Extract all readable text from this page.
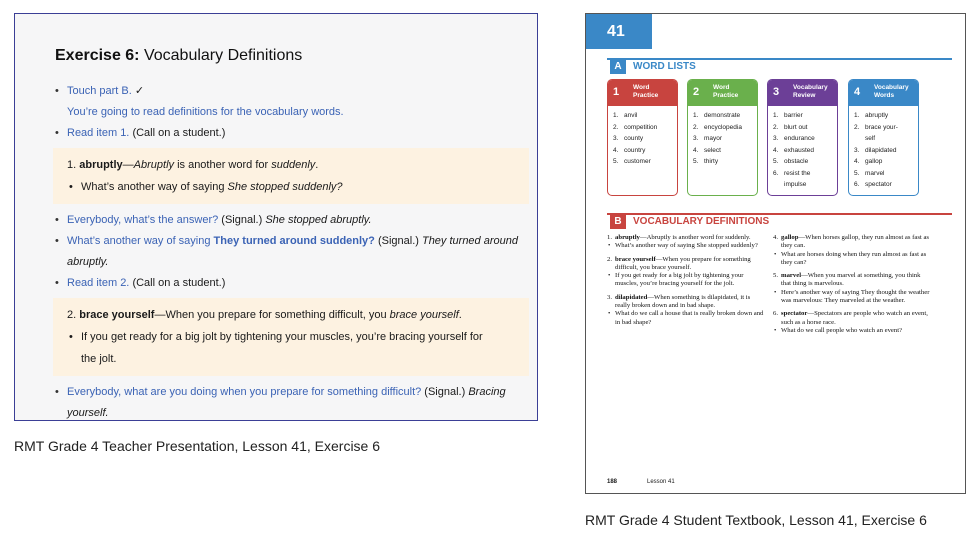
Exercise 6: Vocabulary Definitions
• Touch part B. ✓
You’re going to read definitions for the vocabulary words.
• Read item 1. (Call on a student.)
1. abruptly—Abruptly is another word for suddenly.
• What’s another way of saying She stopped suddenly?
• Everybody, what’s the answer? (Signal.) She stopped abruptly.
• What’s another way of saying They turned around suddenly? (Signal.) They turned around
abruptly.
• Read item 2. (Call on a student.)
2. brace yourself—When you prepare for something difficult, you brace yourself.
• If you get ready for a big jolt by tightening your muscles, you’re bracing yourself for
the jolt.
• Everybody, what are you doing when you prepare for something difficult? (Signal.) Bracing
yourself.
RMT Grade 4 Teacher Presentation, Lesson 41, Exercise 6
41
A	WORD LISTS
1 Word
Practice
1. anvil
2. competition
3. county
4. country
5. customer
2 Word
Practice
1. demonstrate
2. encyclopedia
3. mayor
4. select
5. thirty
3 Vocabulary
Review
1. barrier
2. blurt out
3. endurance
4. exhausted
5. obstacle
6. resist the
impulse
4 Vocabulary
Words
1. abruptly
2. brace your-
self
3. dilapidated
4. gallop
5. marvel
6. spectator
B	VOCABULARY DEFINITIONS
1. abruptly—Abruptly is another word for suddenly.
• What’s another way of saying She stopped suddenly?
2. brace yourself—When you prepare for something difficult, you brace yourself.
• If you get ready for a big jolt by tightening your muscles, you’re bracing yourself for the jolt.
3. dilapidated—When something is dilapidated, it is really broken down and in bad shape.
• What do we call a house that is really broken down and in bad shape?
4. gallop—When horses gallop, they run almost as fast as they can.
• What are horses doing when they run almost as fast as they can?
5. marvel—When you marvel at something, you think that thing is marvelous.
• Here’s another way of saying They thought the weather was marvelous: They marveled at the weather.
6. spectator—Spectators are people who watch an event, such as a horse race.
• What do we call people who watch an event?
188	Lesson 41
RMT Grade 4 Student Textbook, Lesson 41, Exercise 6
